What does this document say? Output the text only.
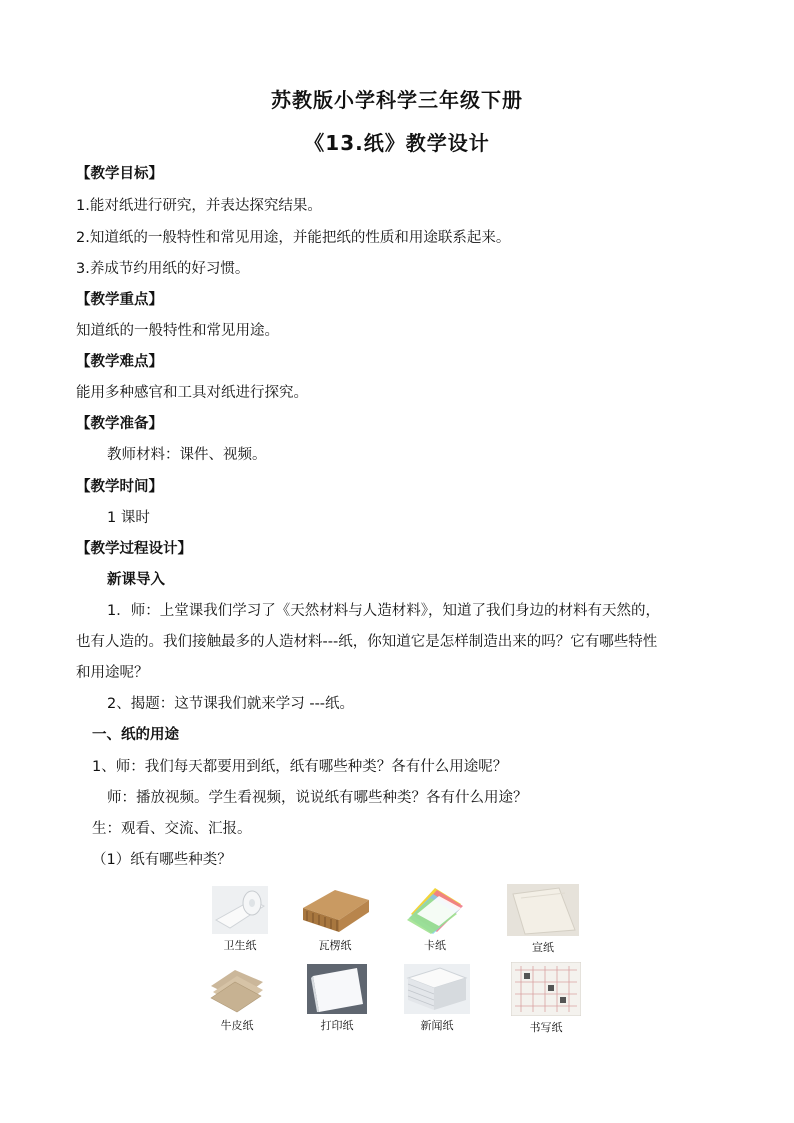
苏教版小学科学三年级下册
《13.纸》教学设计
【教学目标】
1.能对纸进行研究，并表达探究结果。
2.知道纸的一般特性和常见用途，并能把纸的性质和用途联系起来。
3.养成节约用纸的好习惯。
【教学重点】
知道纸的一般特性和常见用途。
【教学难点】
能用多种感官和工具对纸进行探究。
【教学准备】
教师材料：课件、视频。
【教学时间】
1 课时
【教学过程设计】
新课导入
1．师：上堂课我们学习了《天然材料与人造材料》，知道了我们身边的材料有天然的，
也有人造的。我们接触最多的人造材料---纸，你知道它是怎样制造出来的吗？它有哪些特性
和用途呢？
2、揭题：这节课我们就来学习 ---纸。
一、纸的用途
1、师：我们每天都要用到纸，纸有哪些种类？各有什么用途呢？
师：播放视频。学生看视频，说说纸有哪些种类？各有什么用途？
生：观看、交流、汇报。
（1）纸有哪些种类？
卫生纸	瓦楞纸	卡纸	宣纸
牛皮纸	打印纸	新闻纸	书写纸
